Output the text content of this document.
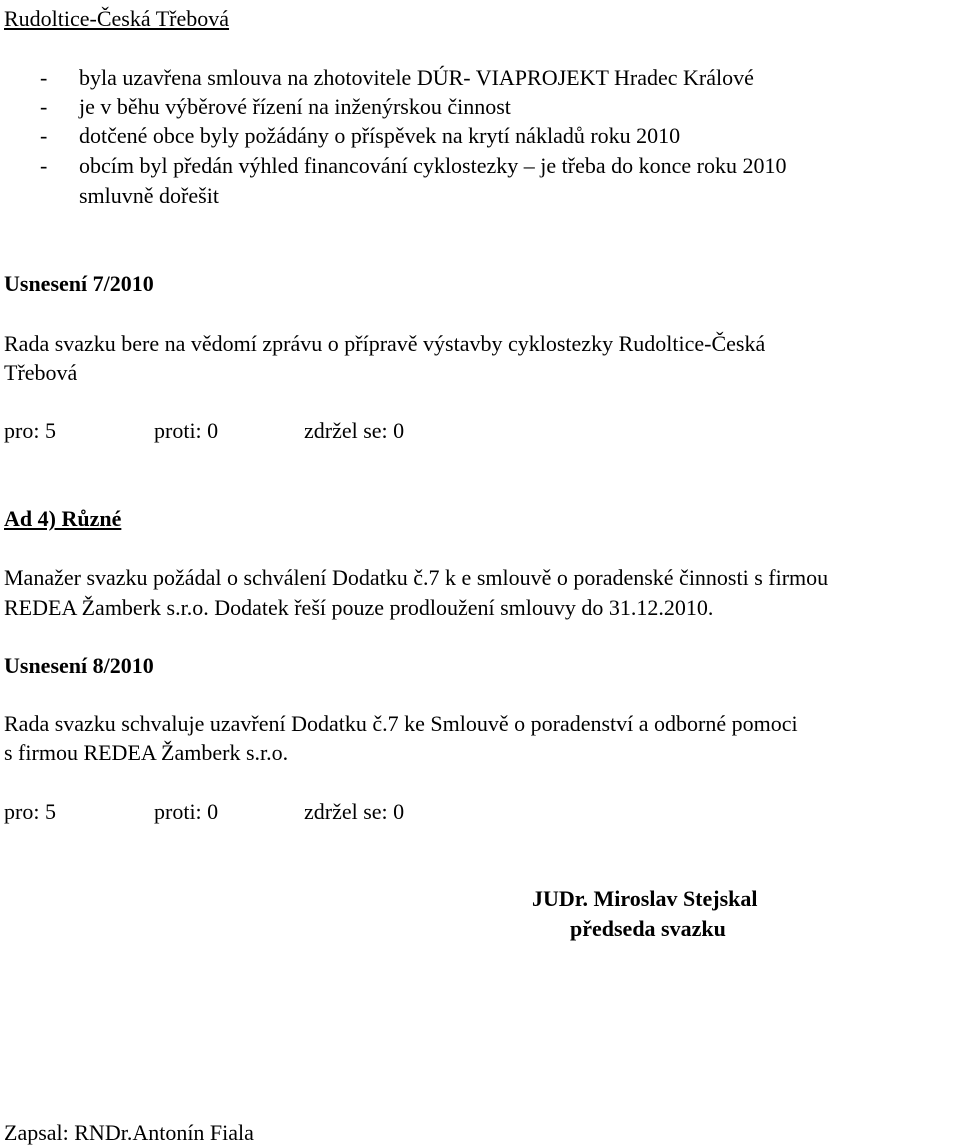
Rudoltice-Česká Třebová
- byla uzavřena smlouva na zhotovitele DÚR- VIAPROJEKT Hradec Králové
- je v běhu výběrové řízení na inženýrskou činnost
- dotčené obce byly požádány o příspěvek na krytí nákladů roku 2010
- obcím byl předán výhled financování cyklostezky – je třeba do konce roku 2010
smluvně dořešit
Usnesení 7/2010
Rada svazku bere na vědomí zprávu o přípravě výstavby cyklostezky Rudoltice-Česká
Třebová
pro: 5	proti: 0	zdržel se: 0
Ad 4) Různé
Manažer svazku požádal o schválení Dodatku č.7 k e smlouvě o poradenské činnosti s firmou
REDEA Žamberk s.r.o. Dodatek řeší pouze prodloužení smlouvy do 31.12.2010.
Usnesení 8/2010
Rada svazku schvaluje uzavření Dodatku č.7 ke Smlouvě o poradenství a odborné pomoci
s firmou REDEA Žamberk s.r.o.
pro: 5	proti: 0	zdržel se: 0
JUDr. Miroslav Stejskal
předseda svazku
Zapsal: RNDr.Antonín Fiala
